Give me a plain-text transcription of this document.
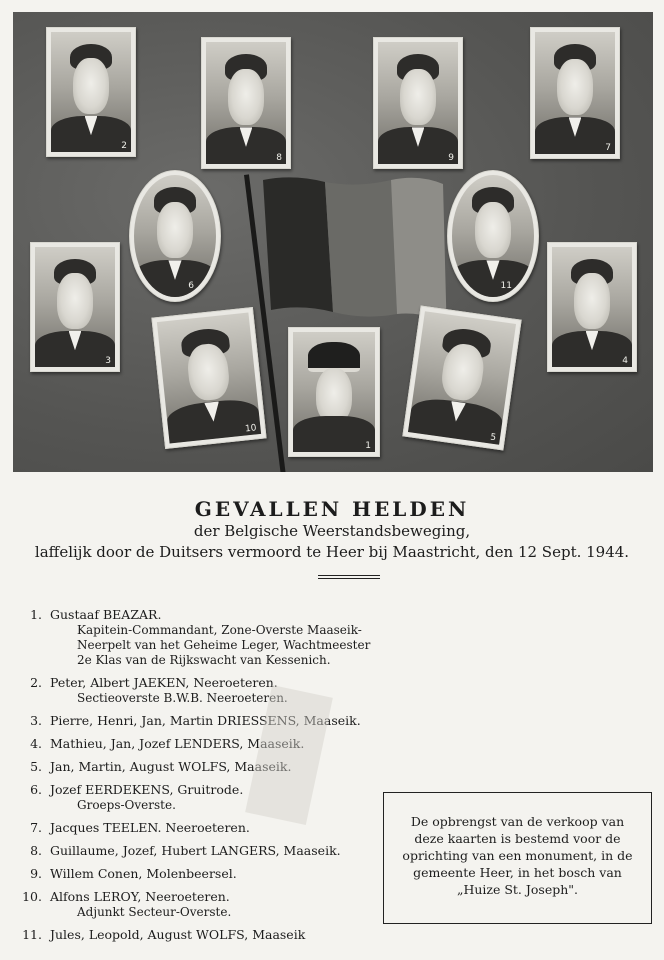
2
8	9
7
6	11
3
10
1
5
4
GEVALLEN HELDEN

der Belgische Weerstandsbeweging,

laffelijk door de Duitsers vermoord te Heer bij Maastricht, den 12 Sept. 1944.

1. Gustaaf BEAZAR.
Kapitein-Commandant, Zone-Overste Maaseik-
Neerpelt van het Geheime Leger, Wachtmeester
2e Klas van de Rijkswacht van Kessenich.
2. Peter, Albert JAEKEN, Neeroeteren.
Sectieoverste B.W.B. Neeroeteren.
3. Pierre, Henri, Jan, Martin DRIESSENS, Maaseik.
4. Mathieu, Jan, Jozef LENDERS, Maaseik.
5. Jan, Martin, August WOLFS, Maaseik.
6. Jozef EERDEKENS, Gruitrode.
Groeps-Overste.
7. Jacques TEELEN. Neeroeteren.
8. Guillaume, Jozef, Hubert LANGERS, Maaseik.
9. Willem Conen, Molenbeersel.
10. Alfons LEROY, Neeroeteren.
Adjunkt Secteur-Overste.
11. Jules, Leopold, August WOLFS, Maaseik

De opbrengst van de verkoop van deze kaarten is bestemd voor de oprichting van een monument, in de gemeente Heer, in het bosch van „Huize St. Joseph".
